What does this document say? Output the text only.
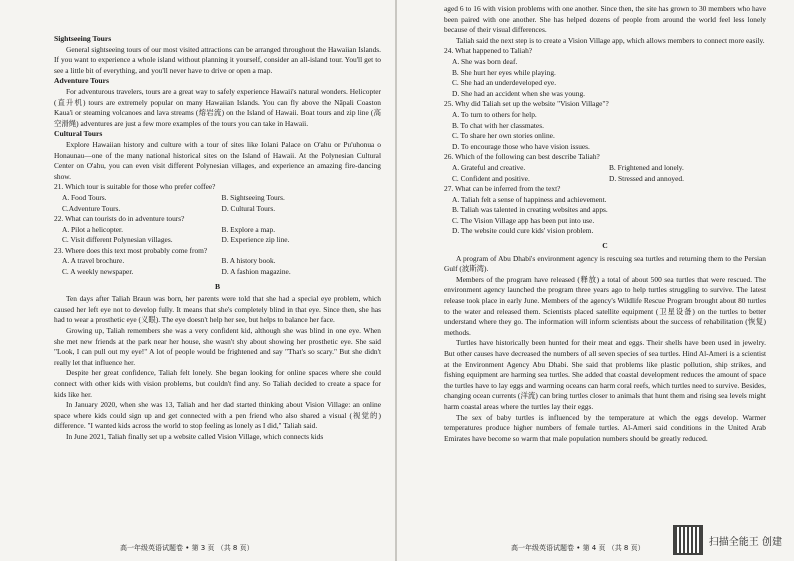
Sightseeing Tours

General sightseeing tours of our most visited attractions can be arranged throughout the Hawaiian Islands. If you want to experience a whole island without planning it yourself, consider an all-island tour. You'll get to see a little bit of everything, and you'll never have to drive or open a map.

Adventure Tours

For adventurous travelers, tours are a great way to safely experience Hawaii's natural wonders. Helicopter (直升机) tours are extremely popular on many Hawaiian Islands. You can fly above the Nāpali Coaston Kaua'i or steaming volcanoes and lava streams (熔岩流) on the Island of Hawaii. Boat tours and zip line (高空滑绳) adventures are just a few more examples of the tours you can take in Hawaii.

Cultural Tours

Explore Hawaiian history and culture with a tour of sites like Iolani Palace on O'ahu or Pu'uhonua o Honaunau—one of the many national historical sites on the Island of Hawaii. At the Polynesian Cultural Center on O'ahu, you can even visit different Polynesian villages, and experience an amazing fire-dancing show.

21. Which tour is suitable for those who prefer coffee?

A. Food Tours.	B. Sightseeing Tours.
C.Adventure Tours.	D. Cultural Tours.

22. What can tourists do in adventure tours?

A. Pilot a helicopter.	B. Explore a map.
C. Visit different Polynesian villages.	D. Experience zip line.

23. Where does this text most probably come from?

A. A travel brochure.	B. A history book.
C. A weekly newspaper.	D. A fashion magazine.

B

Ten days after Taliah Braun was born, her parents were told that she had a special eye problem, which caused her left eye not to develop fully. It means that she's completely blind in that eye. Since then, she has had to wear a prosthetic eye (义眼). The eye doesn't help her see, but helps to balance her face.

Growing up, Taliah remembers she was a very confident kid, although she was blind in one eye. When she met new friends at the park near her house, she wasn't shy about showing her prosthetic eye. She said "Look, I can pull out my eye!" A lot of people would be frightened and say "That's so scary." But she didn't really let that influence her.

Despite her great confidence, Taliah felt lonely. She began looking for online spaces where she could connect with other kids with vision problems, but couldn't find any. So Taliah decided to create a space for kids like her.

In January 2020, when she was 13, Taliah and her dad started thinking about Vision Village: an online space where kids could sign up and get connected with a pen friend who also shared a visual (视觉的) difference. "I wanted kids across the world to stop feeling as lonely as I did," Taliah said.

In June 2021, Taliah finally set up a website called Vision Village, which connects kids

高一年级英语试题卷 • 第 3 页 （共 8 页）

aged 6 to 16 with vision problems with one another. Since then, the site has grown to 30 members who have been paired with one another. She has helped dozens of people from around the world feel less lonely because of their visual differences.

Taliah said the next step is to create a Vision Village app, which allows members to connect more easily.

24. What happened to Taliah?

A. She was born deaf.

B. She hurt her eyes while playing.

C. She had an underdeveloped eye.

D. She had an accident when she was young.

25. Why did Taliah set up the website "Vision Village"?

A. To turn to others for help.

B. To chat with her classmates.

C. To share her own stories online.

D. To encourage those who have vision issues.

26. Which of the following can best describe Taliah?

A. Grateful and creative.	B. Frightened and lonely.
C. Confident and positive.	D. Stressed and annoyed.

27. What can be inferred from the text?

A. Taliah felt a sense of happiness and achievement.

B. Taliah was talented in creating websites and apps.

C. The Vision Village app has been put into use.

D. The website could cure kids' vision problem.

C

A program of Abu Dhabi's environment agency is rescuing sea turtles and returning them to the Persian Gulf (波斯湾).

Members of the program have released (释放) a total of about 500 sea turtles that were rescued. The environment agency launched the program three years ago to help turtles struggling to survive. The latest release took place in early June. Members of the agency's Wildlife Rescue Program brought about 80 turtles to the water and released them. Scientists placed satellite equipment (卫星设备) on the turtles to better understand where they go. The information will inform scientists about the success of rehabilitation (恢复) methods.

Turtles have historically been hunted for their meat and eggs. Their shells have been used in jewelry. But other causes have decreased the numbers of all seven species of sea turtles. Hind Al-Ameri is a scientist at the Environment Agency Abu Dhabi. She said that problems like plastic pollution, ship strikes, and fishing equipment are harming sea turtles. She added that coastal development reduces the amount of space the turtles have to lay eggs and warming oceans can harm coral reefs, which turtles need to survive. Besides, changing ocean currents (洋流) can bring turtles closer to animals that hunt them and rising sea levels might harm coastal areas where the turtles lay their eggs.

The sex of baby turtles is influenced by the temperature at which the eggs develop. Warmer temperatures produce higher numbers of female turtles. Al-Ameri said conditions in the United Arab Emirates have become so warm that male population numbers should be greatly reduced.

高一年级英语试题卷 • 第 4 页 （共 8 页）
扫描全能王 创建
